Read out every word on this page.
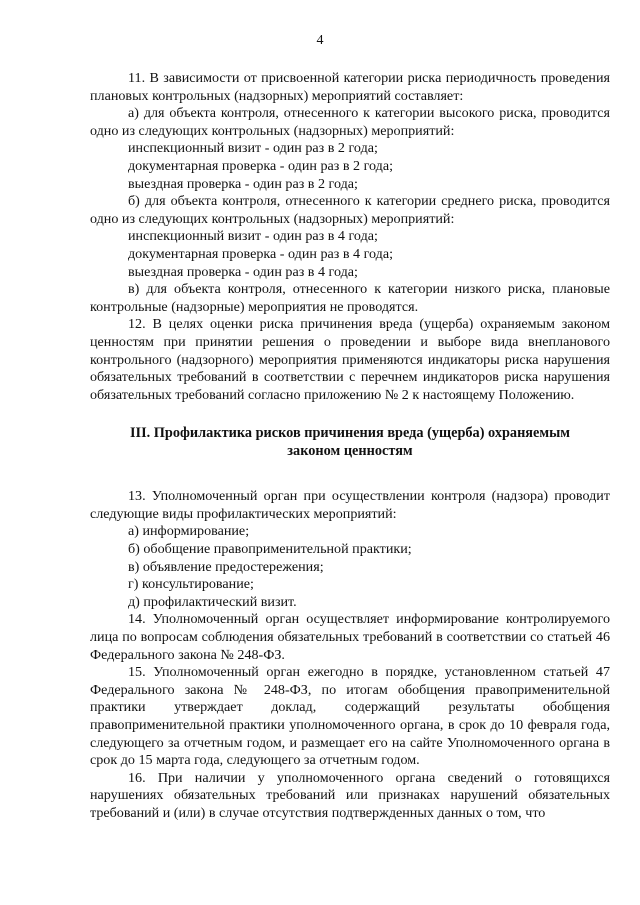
4

11. В зависимости от присвоенной категории риска периодичность проведения плановых контрольных (надзорных) мероприятий составляет:

а) для объекта контроля, отнесенного к категории высокого риска, проводится одно из следующих контрольных (надзорных) мероприятий:

инспекционный визит - один раз в 2 года;

документарная проверка - один раз в 2 года;

выездная проверка - один раз в 2 года;

б) для объекта контроля, отнесенного к категории среднего риска, проводится одно из следующих контрольных (надзорных) мероприятий:

инспекционный визит - один раз в 4 года;

документарная проверка - один раз в 4 года;

выездная проверка - один раз в 4 года;

в) для объекта контроля, отнесенного к категории низкого риска, плановые контрольные (надзорные) мероприятия не проводятся.

12. В целях оценки риска причинения вреда (ущерба) охраняемым законом ценностям при принятии решения о проведении и выборе вида внепланового контрольного (надзорного) мероприятия применяются индикаторы риска нарушения обязательных требований в соответствии с перечнем индикаторов риска нарушения обязательных требований согласно приложению № 2 к настоящему Положению.

III. Профилактика рисков причинения вреда (ущерба) охраняемым
законом ценностям

13. Уполномоченный орган при осуществлении контроля (надзора) проводит следующие виды профилактических мероприятий:

а) информирование;

б) обобщение правоприменительной практики;

в) объявление предостережения;

г) консультирование;

д) профилактический визит.

14. Уполномоченный орган осуществляет информирование контролируемого лица по вопросам соблюдения обязательных требований в соответствии со статьей 46 Федерального закона № 248-ФЗ.

15. Уполномоченный орган ежегодно в порядке, установленном статьей 47 Федерального закона № 248-ФЗ, по итогам обобщения правоприменительной практики утверждает доклад, содержащий результаты обобщения правоприменительной практики уполномоченного органа, в срок до 10 февраля года, следующего за отчетным годом, и размещает его на сайте Уполномоченного органа в срок до 15 марта года, следующего за отчетным годом.

16. При наличии у уполномоченного органа сведений о готовящихся нарушениях обязательных требований или признаках нарушений обязательных требований и (или) в случае отсутствия подтвержденных данных о том, что
